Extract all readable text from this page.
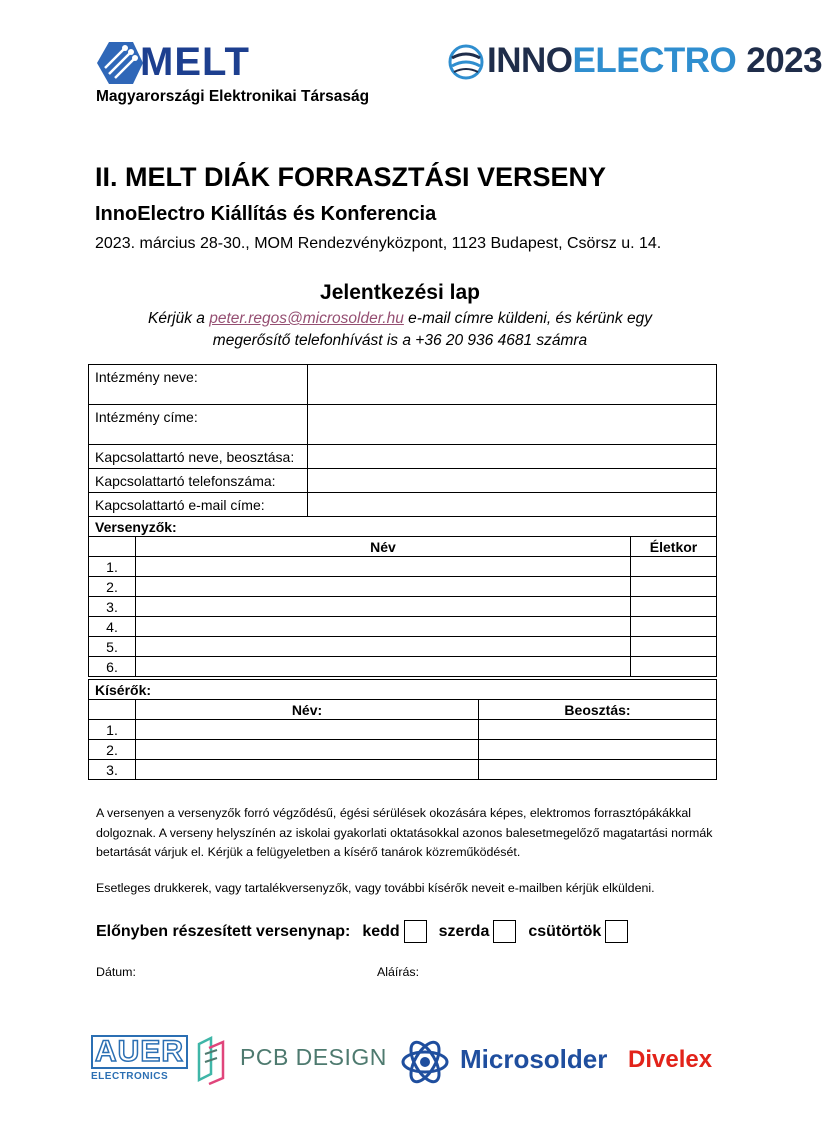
MELT
Magyarországi Elektronikai Társaság
INNOELECTRO 2023
II. MELT DIÁK FORRASZTÁSI VERSENY
InnoElectro Kiállítás és Konferencia
2023. március 28-30., MOM Rendezvényközpont, 1123 Budapest, Csörsz u. 14.
Jelentkezési lap
Kérjük a peter.regos@microsolder.hu e-mail címre küldeni, és kérünk egy
megerősítő telefonhívást is a +36 20 936 4681 számra
Intézmény neve:	
Intézmény címe:	
Kapcsolattartó neve, beosztása:	
Kapcsolattartó telefonszáma:	
Kapcsolattartó e-mail címe:	
Versenyzők:		
	Név	Életkor
1.		
2.		
3.		
4.		
5.		
6.		
Kísérők:		
	Név:	Beosztás:
1.		
2.		
3.		
A versenyen a versenyzők forró végződésű, égési sérülések okozására képes, elektromos forrasztópákákkal dolgoznak. A verseny helyszínén az iskolai gyakorlati oktatásokkal azonos balesetmegelőző magatartási normák betartását várjuk el. Kérjük a felügyeletben a kísérő tanárok közreműködését.
Esetleges drukkerek, vagy tartalékversenyzők, vagy további kísérők neveit e-mailben kérjük elküldeni.
Előnyben részesített versenynap: kedd szerda csütörtök
Dátum:	Aláírás:
AUER
ELECTRONICS
PCB DESIGN	Microsolder Divelex
